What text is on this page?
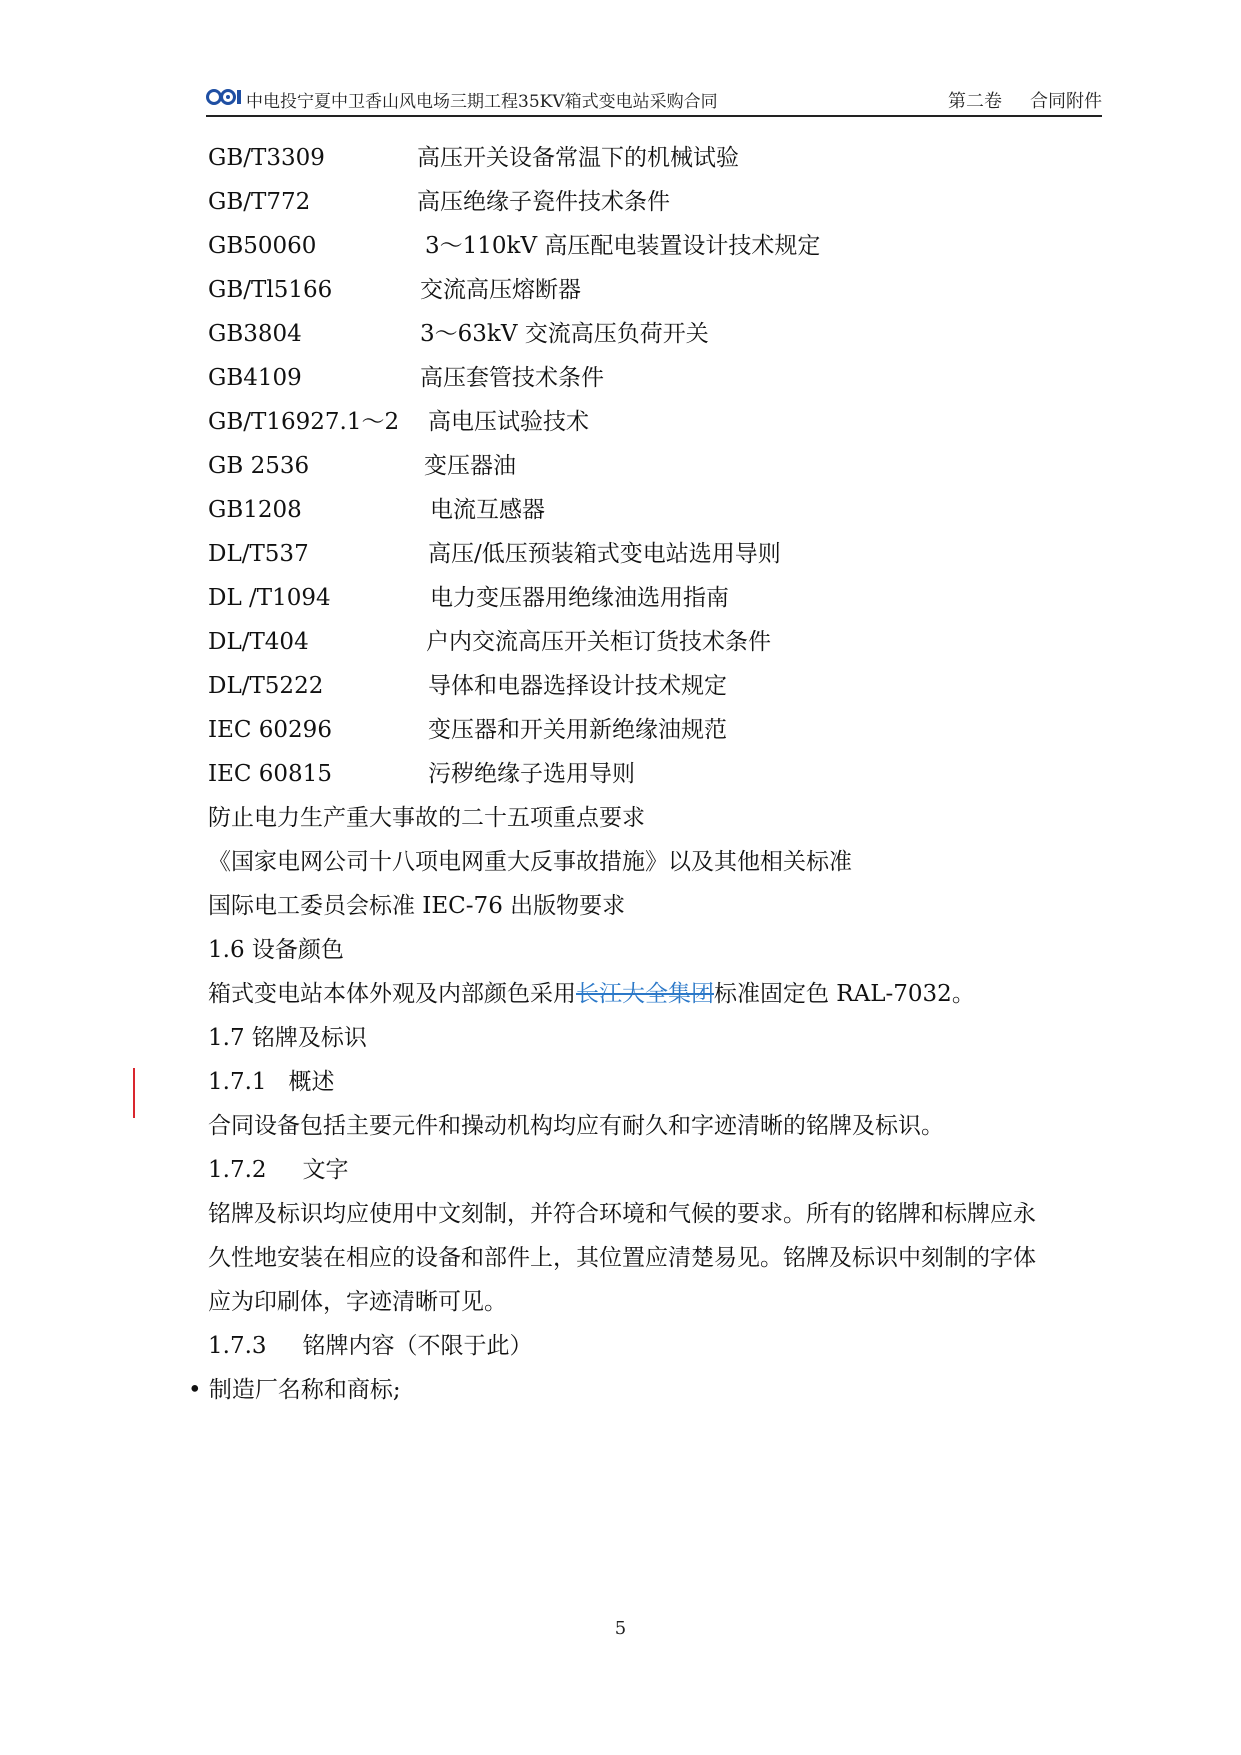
中电投宁夏中卫香山风电场三期工程35KV箱式变电站采购合同	第二卷 合同附件
GB/T3309	高压开关设备常温下的机械试验
GB/T772	高压绝缘子瓷件技术条件
GB50060	3～110kV 高压配电装置设计技术规定
GB/Tl5166	交流高压熔断器
GB3804	3～63kV 交流高压负荷开关
GB4109	高压套管技术条件
GB/T16927.1～2 高电压试验技术
GB 2536	变压器油
GB1208	电流互感器
DL/T537	高压/低压预装箱式变电站选用导则
DL /T1094	电力变压器用绝缘油选用指南
DL/T404	户内交流高压开关柜订货技术条件
DL/T5222	导体和电器选择设计技术规定
IEC 60296	变压器和开关用新绝缘油规范
IEC 60815	污秽绝缘子选用导则
防止电力生产重大事故的二十五项重点要求
《国家电网公司十八项电网重大反事故措施》以及其他相关标准
国际电工委员会标准 IEC-76 出版物要求
1.6 设备颜色
箱式变电站本体外观及内部颜色采用长江大全集团标准固定色 RAL-7032。
1.7 铭牌及标识
1.7.1 概述
合同设备包括主要元件和操动机构均应有耐久和字迹清晰的铭牌及标识。
1.7.2 文字
铭牌及标识均应使用中文刻制，并符合环境和气候的要求。所有的铭牌和标牌应永
久性地安装在相应的设备和部件上，其位置应清楚易见。铭牌及标识中刻制的字体
应为印刷体，字迹清晰可见。
1.7.3 铭牌内容（不限于此）
• 制造厂名称和商标;
5
